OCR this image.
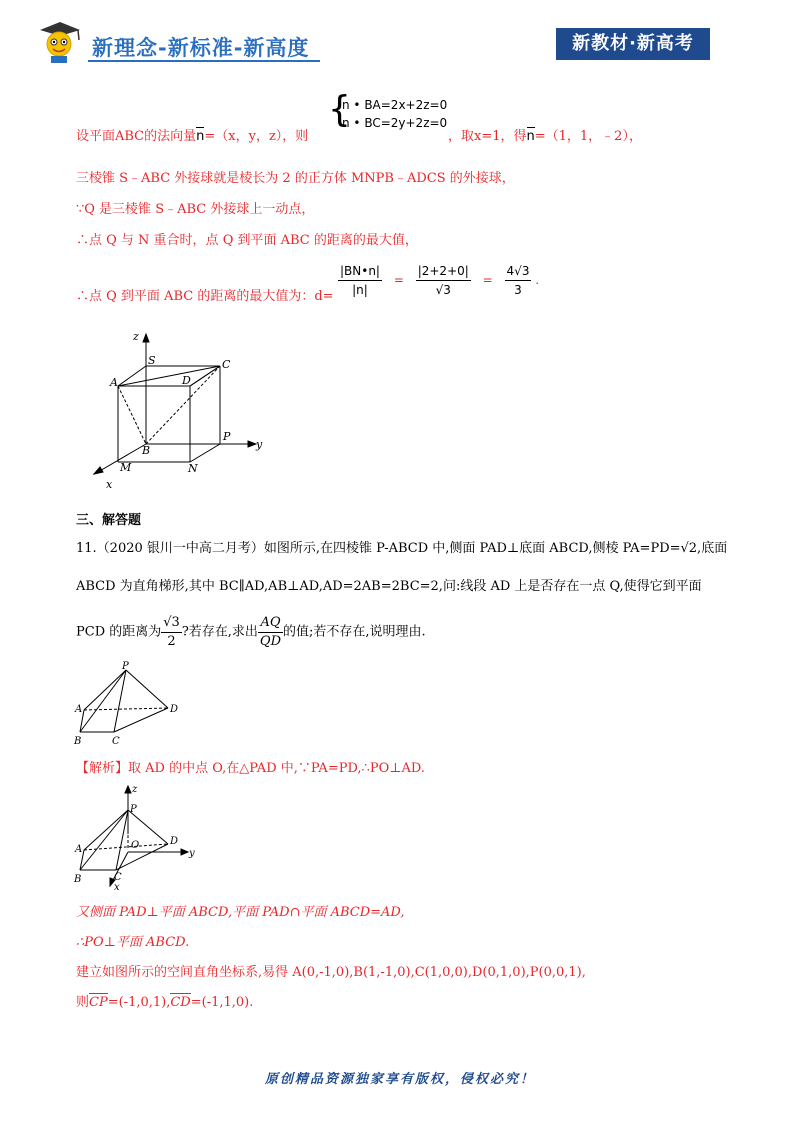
新理念-新标准-新高度	新教材·新高考
{
n • BA=2x+2z=0
n • BC=2y+2z=0
设平面ABC的法向量n=（x，y，z），则	，取x=1，得n=（1，1，﹣2），
三棱锥 S﹣ABC 外接球就是棱长为 2 的正方体 MNPB﹣ADCS 的外接球，
∵Q 是三棱锥 S﹣ABC 外接球上一动点，
∴点 Q 与 N 重合时，点 Q 到平面 ABC 的距离的最大值，
∴点 Q 到平面 ABC 的距离的最大值为：$d= \frac{|BN•n|}{|n|} = \frac{|2+2+0|}{√3} = \frac{4√3}{3}$ .
z
S	C
A	D
B
P
y
M	N
x
三、解答题
11.（2020 银川一中高二月考）如图所示,在四棱锥 P-ABCD 中,侧面 PAD⊥底面 ABCD,侧棱 PA=PD=√2,底面
ABCD 为直角梯形,其中 BC∥AD,AB⊥AD,AD=2AB=2BC=2,问:线段 AD 上是否存在一点 Q,使得它到平面
PCD 的距离为 $\frac{√3}{2}$ ?若存在,求出 $\frac{AQ}{QD}$ 的值;若不存在,说明理由.
P
A	D
B	C
【解析】取 AD 的中点 O,在△PAD 中,∵PA=PD,∴PO⊥AD.
z
P
A	O	D
y
B	C
x
又侧面 PAD⊥平面 ABCD,平面 PAD∩平面 ABCD=AD,
∴PO⊥平面 ABCD.
建立如图所示的空间直角坐标系,易得 A(0,-1,0),B(1,-1,0),C(1,0,0),D(0,1,0),P(0,0,1),
则CP=(-1,0,1),CD=(-1,1,0).
原创精品资源独家享有版权，侵权必究！
